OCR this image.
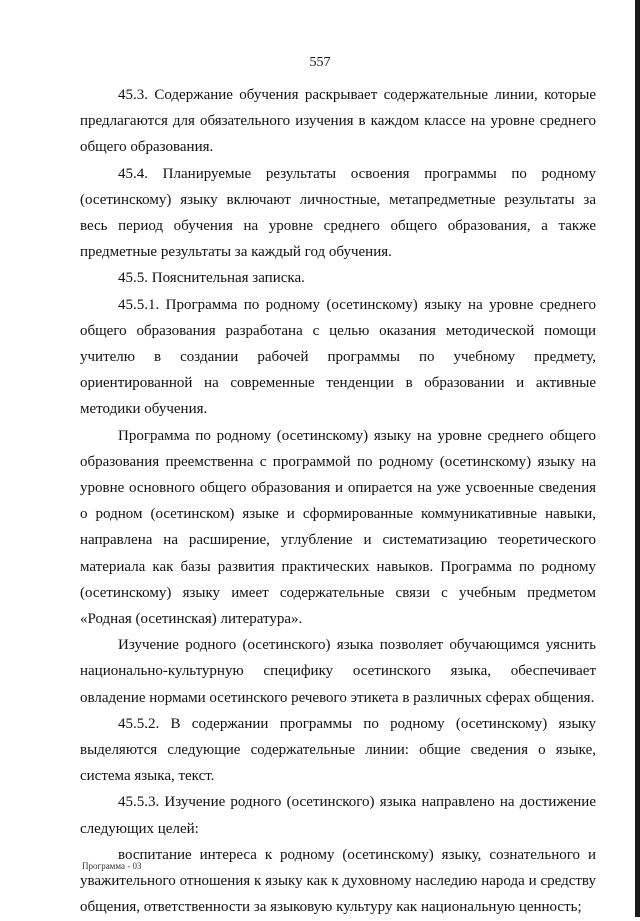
557

45.3. Содержание обучения раскрывает содержательные линии, которые предлагаются для обязательного изучения в каждом классе на уровне среднего общего образования.

45.4. Планируемые результаты освоения программы по родному (осетинскому) языку включают личностные, метапредметные результаты за весь период обучения на уровне среднего общего образования, а также предметные результаты за каждый год обучения.

45.5. Пояснительная записка.

45.5.1. Программа по родному (осетинскому) языку на уровне среднего общего образования разработана с целью оказания методической помощи учителю в создании рабочей программы по учебному предмету, ориентированной на современные тенденции в образовании и активные методики обучения.

Программа по родному (осетинскому) языку на уровне среднего общего образования преемственна с программой по родному (осетинскому) языку на уровне основного общего образования и опирается на уже усвоенные сведения о родном (осетинском) языке и сформированные коммуникативные навыки, направлена на расширение, углубление и систематизацию теоретического материала как базы развития практических навыков. Программа по родному (осетинскому) языку имеет содержательные связи с учебным предметом «Родная (осетинская) литература».

Изучение родного (осетинского) языка позволяет обучающимся уяснить национально-культурную специфику осетинского языка, обеспечивает овладение нормами осетинского речевого этикета в различных сферах общения.

45.5.2. В содержании программы по родному (осетинскому) языку выделяются следующие содержательные линии: общие сведения о языке, система языка, текст.

45.5.3. Изучение родного (осетинского) языка направлено на достижение следующих целей:

воспитание интереса к родному (осетинскому) языку, сознательного и уважительного отношения к языку как к духовному наследию народа и средству общения, ответственности за языковую культуру как национальную ценность;

Программа - 03
